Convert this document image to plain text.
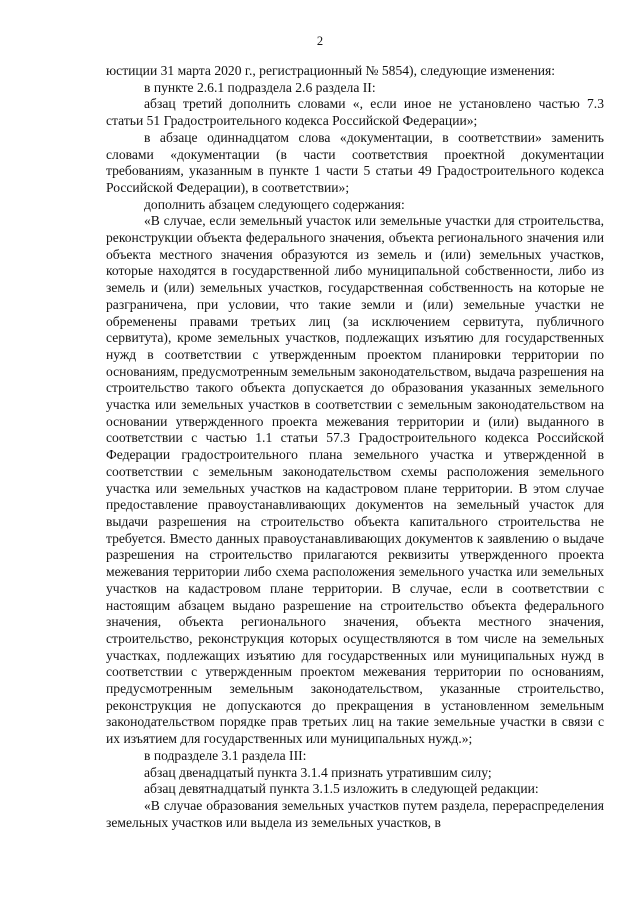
2

юстиции 31 марта 2020 г., регистрационный № 5854), следующие изменения:

в пункте 2.6.1 подраздела 2.6 раздела II:

абзац третий дополнить словами «, если иное не установлено частью 7.3 статьи 51 Градостроительного кодекса Российской Федерации»;

в абзаце одиннадцатом слова «документации, в соответствии» заменить словами «документации (в части соответствия проектной документации требованиям, указанным в пункте 1 части 5 статьи 49 Градостроительного кодекса Российской Федерации), в соответствии»;

дополнить абзацем следующего содержания:

«В случае, если земельный участок или земельные участки для строительства, реконструкции объекта федерального значения, объекта регионального значения или объекта местного значения образуются из земель и (или) земельных участков, которые находятся в государственной либо муниципальной собственности, либо из земель и (или) земельных участков, государственная собственность на которые не разграничена, при условии, что такие земли и (или) земельные участки не обременены правами третьих лиц (за исключением сервитута, публичного сервитута), кроме земельных участков, подлежащих изъятию для государственных нужд в соответствии с утвержденным проектом планировки территории по основаниям, предусмотренным земельным законодательством, выдача разрешения на строительство такого объекта допускается до образования указанных земельного участка или земельных участков в соответствии с земельным законодательством на основании утвержденного проекта межевания территории и (или) выданного в соответствии с частью 1.1 статьи 57.3 Градостроительного кодекса Российской Федерации градостроительного плана земельного участка и утвержденной в соответствии с земельным законодательством схемы расположения земельного участка или земельных участков на кадастровом плане территории. В этом случае предоставление правоустанавливающих документов на земельный участок для выдачи разрешения на строительство объекта капитального строительства не требуется. Вместо данных правоустанавливающих документов к заявлению о выдаче разрешения на строительство прилагаются реквизиты утвержденного проекта межевания территории либо схема расположения земельного участка или земельных участков на кадастровом плане территории. В случае, если в соответствии с настоящим абзацем выдано разрешение на строительство объекта федерального значения, объекта регионального значения, объекта местного значения, строительство, реконструкция которых осуществляются в том числе на земельных участках, подлежащих изъятию для государственных или муниципальных нужд в соответствии с утвержденным проектом межевания территории по основаниям, предусмотренным земельным законодательством, указанные строительство, реконструкция не допускаются до прекращения в установленном земельным законодательством порядке прав третьих лиц на такие земельные участки в связи с их изъятием для государственных или муниципальных нужд.»;

в подразделе 3.1 раздела III:

абзац двенадцатый пункта 3.1.4 признать утратившим силу;

абзац девятнадцатый пункта 3.1.5 изложить в следующей редакции:

«В случае образования земельных участков путем раздела, перераспределения земельных участков или выдела из земельных участков, в
